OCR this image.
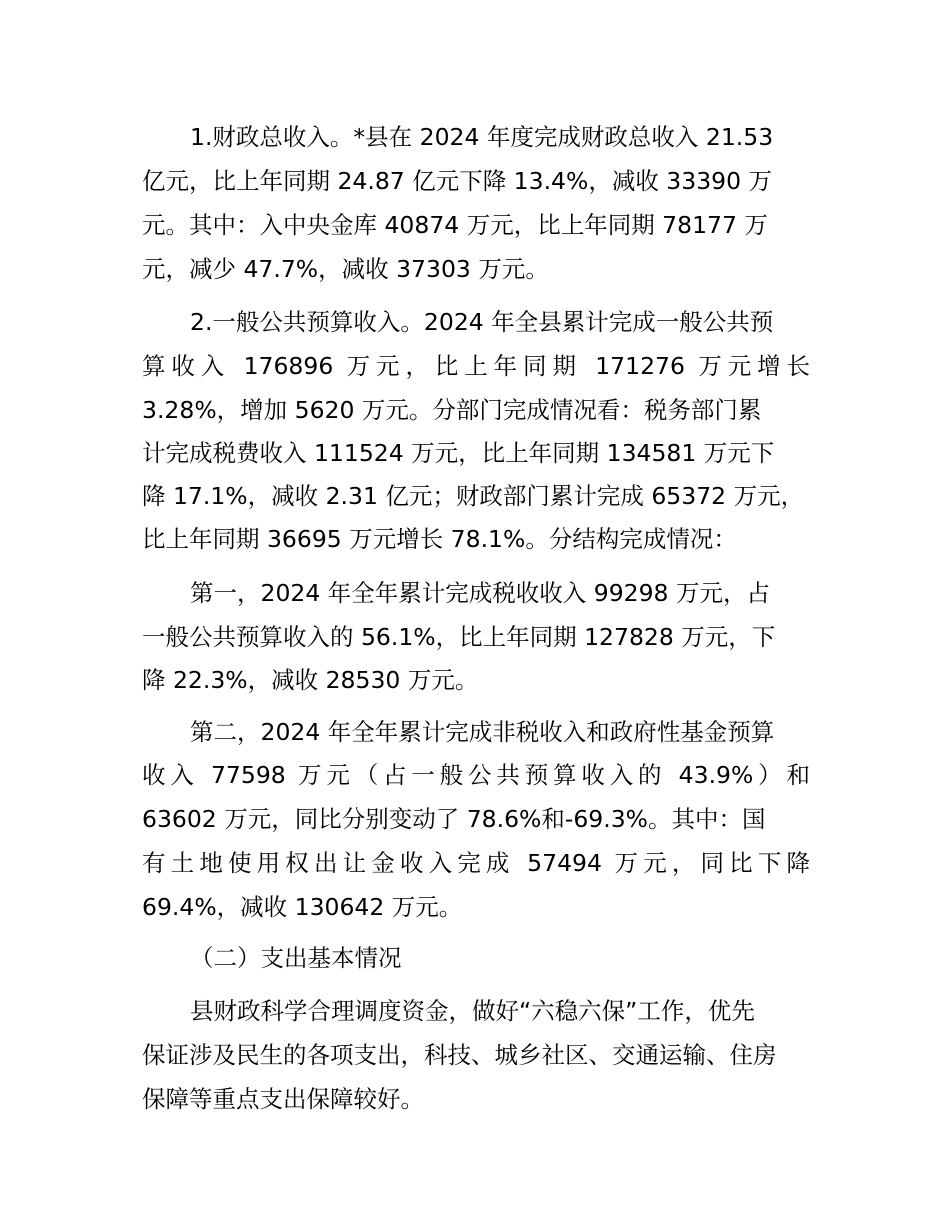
1.财政总收入。*县在 2024 年度完成财政总收入 21.53
亿元，比上年同期 24.87 亿元下降 13.4%，减收 33390 万
元。其中：入中央金库 40874 万元，比上年同期 78177 万
元，减少 47.7%，减收 37303 万元。
2.一般公共预算收入。2024 年全县累计完成一般公共预
算收入 176896 万元，比上年同期 171276 万元增长
3.28%，增加 5620 万元。分部门完成情况看：税务部门累
计完成税费收入 111524 万元，比上年同期 134581 万元下
降 17.1%，减收 2.31 亿元；财政部门累计完成 65372 万元，
比上年同期 36695 万元增长 78.1%。分结构完成情况：
第一，2024 年全年累计完成税收收入 99298 万元，占
一般公共预算收入的 56.1%，比上年同期 127828 万元，下
降 22.3%，减收 28530 万元。
第二，2024 年全年累计完成非税收入和政府性基金预算
收入 77598 万元（占一般公共预算收入的 43.9%）和
63602 万元，同比分别变动了 78.6%和-69.3%。其中：国
有土地使用权出让金收入完成 57494 万元，同比下降
69.4%，减收 130642 万元。
（二）支出基本情况
县财政科学合理调度资金，做好“六稳六保”工作，优先
保证涉及民生的各项支出，科技、城乡社区、交通运输、住房
保障等重点支出保障较好。
